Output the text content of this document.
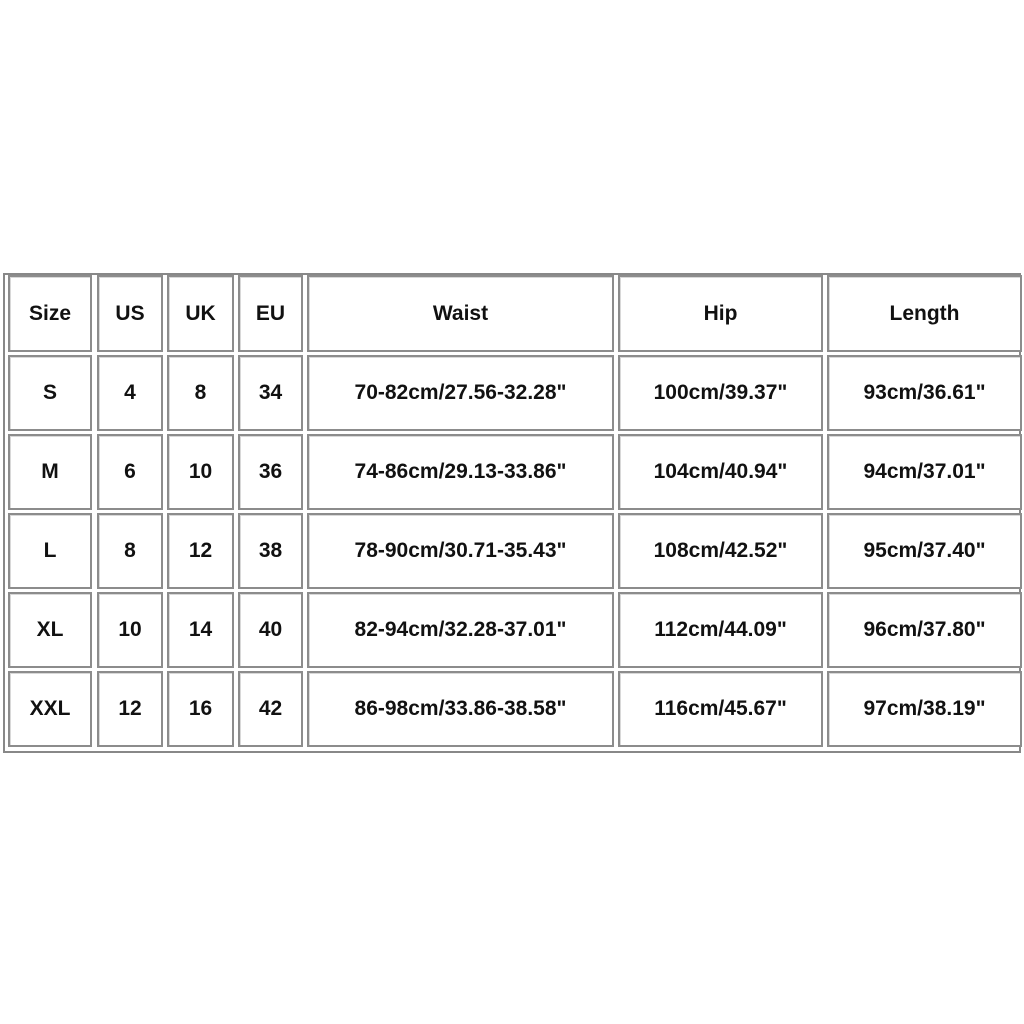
Size	US	UK	EU	Waist	Hip	Length
S	4	8	34	70-82cm/27.56-32.28"	100cm/39.37"	93cm/36.61"
M	6	10	36	74-86cm/29.13-33.86"	104cm/40.94"	94cm/37.01"
L	8	12	38	78-90cm/30.71-35.43"	108cm/42.52"	95cm/37.40"
XL	10	14	40	82-94cm/32.28-37.01"	112cm/44.09"	96cm/37.80"
XXL	12	16	42	86-98cm/33.86-38.58"	116cm/45.67"	97cm/38.19"
